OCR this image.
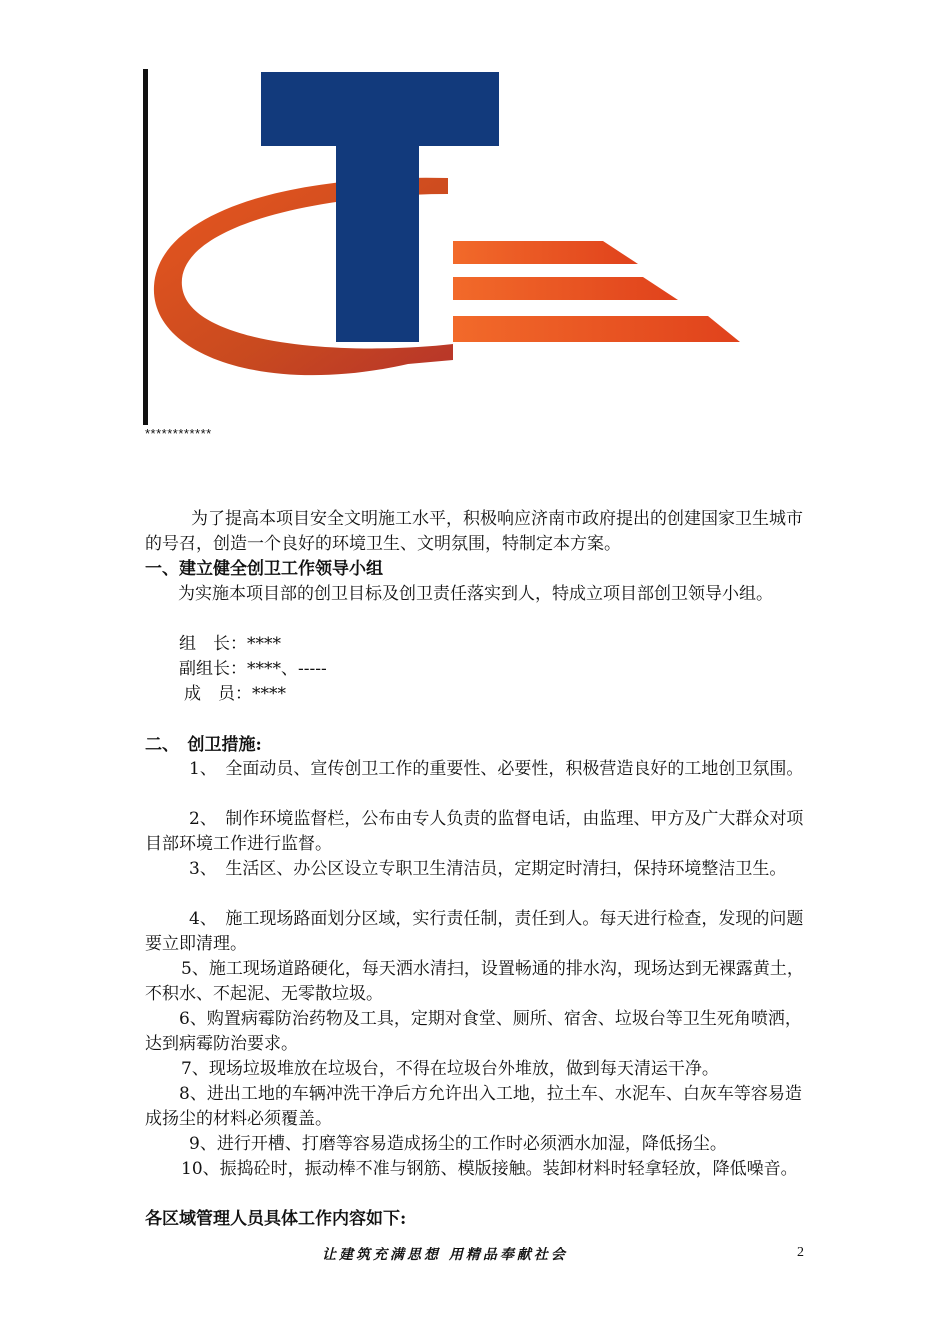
************

为了提高本项目安全文明施工水平，积极响应济南市政府提出的创建国家卫生城市的号召，创造一个良好的环境卫生、文明氛围，特制定本方案。

一、建立健全创卫工作领导小组

为实施本项目部的创卫目标及创卫责任落实到人，特成立项目部创卫领导小组。

组　长：****
副组长：****、-----
成　员：****

二、　创卫措施:

1、　全面动员、宣传创卫工作的重要性、必要性，积极营造良好的工地创卫氛围。

2、　制作环境监督栏，公布由专人负责的监督电话，由监理、甲方及广大群众对项目部环境工作进行监督。

3、　生活区、办公区设立专职卫生清洁员，定期定时清扫，保持环境整洁卫生。

4、　施工现场路面划分区域，实行责任制，责任到人。每天进行检查，发现的问题要立即清理。

5、施工现场道路硬化，每天洒水清扫，设置畅通的排水沟，现场达到无裸露黄土，不积水、不起泥、无零散垃圾。

6、购置病霉防治药物及工具，定期对食堂、厕所、宿舍、垃圾台等卫生死角喷洒，达到病霉防治要求。

7、现场垃圾堆放在垃圾台，不得在垃圾台外堆放，做到每天清运干净。

8、进出工地的车辆冲洗干净后方允许出入工地，拉土车、水泥车、白灰车等容易造成扬尘的材料必须覆盖。

9、进行开槽、打磨等容易造成扬尘的工作时必须洒水加湿，降低扬尘。

10、振捣砼时，振动棒不准与钢筋、模版接触。装卸材料时轻拿轻放，降低噪音。

各区域管理人员具体工作内容如下:

让建筑充满思想 用精品奉献社会	2
